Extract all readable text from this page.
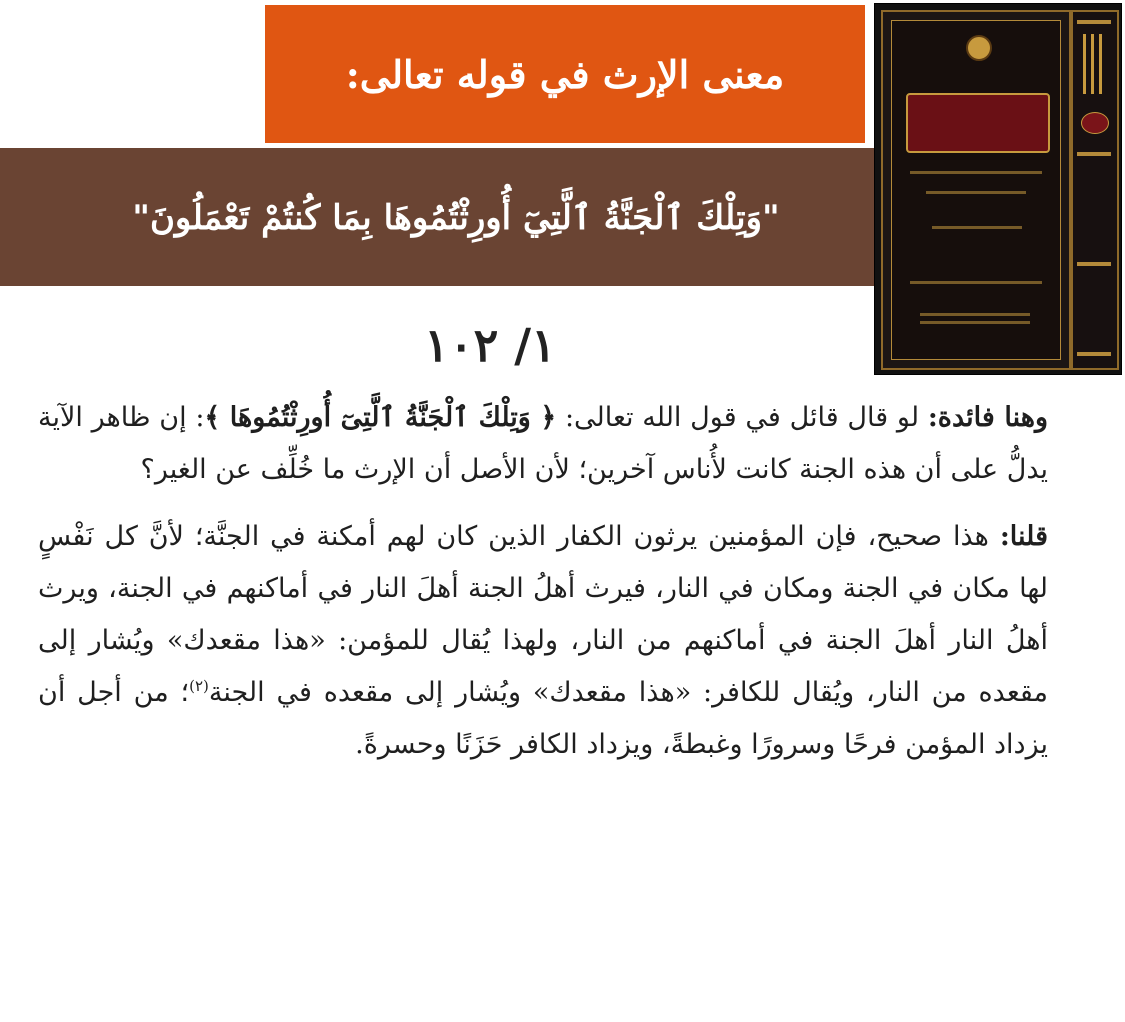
معنى الإرث في قوله تعالى:
"وَتِلْكَ ٱلْجَنَّةُ ٱلَّتِيٓ أُورِثْتُمُوهَا بِمَا كُنتُمْ تَعْمَلُونَ"
١/ ١٠٢

وهنا فائدة: لو قال قائل في قول الله تعالى: ﴿ وَتِلْكَ ٱلْجَنَّةُ ٱلَّتِىٓ أُورِثْتُمُوهَا ﴾: إن ظاهر الآية يدلُّ على أن هذه الجنة كانت لأُناس آخرين؛ لأن الأصل أن الإرث ما خُلِّف عن الغير؟

قلنا: هذا صحيح، فإن المؤمنين يرثون الكفار الذين كان لهم أمكنة في الجنَّة؛ لأنَّ كل نَفْسٍ لها مكان في الجنة ومكان في النار، فيرث أهلُ الجنة أهلَ النار في أماكنهم في الجنة، ويرث أهلُ النار أهلَ الجنة في أماكنهم من النار، ولهذا يُقال للمؤمن: «هذا مقعدك» ويُشار إلى مقعده من النار، ويُقال للكافر: «هذا مقعدك» ويُشار إلى مقعده في الجنة$^{(٢)}$؛ من أجل أن يزداد المؤمن فرحًا وسرورًا وغبطةً، ويزداد الكافر حَزَنًا وحسرةً.
